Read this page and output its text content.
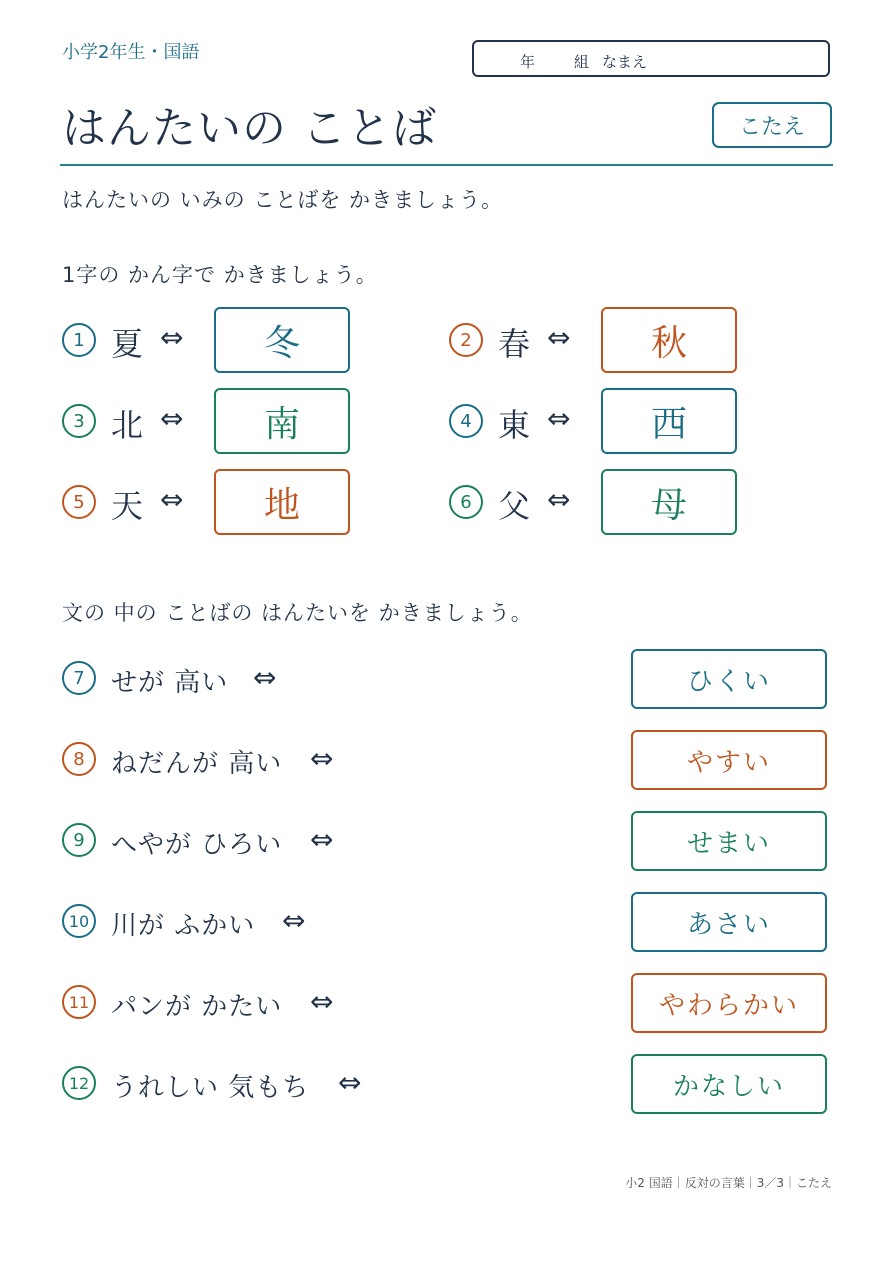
小学2年生・国語	年	組 なまえ
はんたいの ことば	こたえ
はんたいの いみの ことばを かきましょう。
1字の かん字で かきましょう。
1 夏 ⇔	冬	2 春 ⇔	秋
3 北 ⇔	南	4 東 ⇔	西
5 天 ⇔	地	6 父 ⇔	母
文の 中の ことばの はんたいを かきましょう。
7	せが 高い ⇔	ひくい
8	ねだんが 高い ⇔	やすい
9	へやが ひろい ⇔	せまい
10 川が ふかい ⇔	あさい
11 パンが かたい ⇔	やわらかい
12 うれしい 気もち ⇔	かなしい
小2 国語｜反対の言葉｜3／3｜こたえ
